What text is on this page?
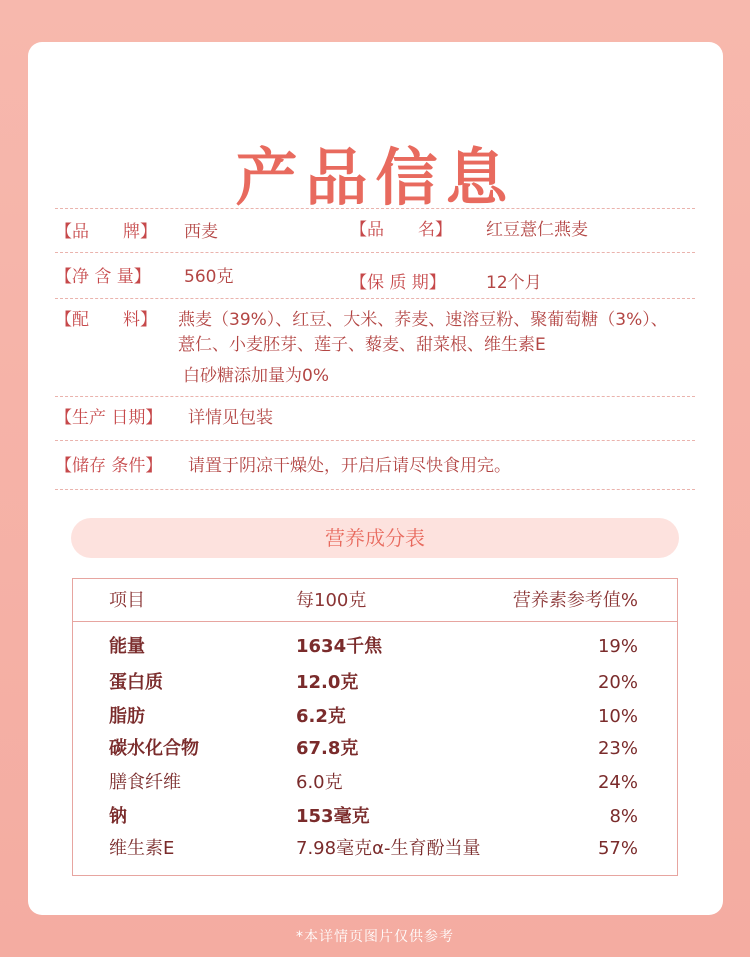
产品信息
【品　　牌】 西麦	【品　　名】 红豆薏仁燕麦
【净 含 量】 560克	【保 质 期】 12个月
【配　　料】 燕麦（39%）、红豆、大米、荞麦、速溶豆粉、聚葡萄糖（3%）、薏仁、小麦胚芽、莲子、藜麦、甜菜根、维生素E
白砂糖添加量为0%
【生产 日期】 详情见包装
【储存 条件】 请置于阴凉干燥处，开启后请尽快食用完。
营养成分表
项目	每100克	营养素参考值%
能量	1634千焦	19%
蛋白质	12.0克	20%
脂肪	6.2克	10%
碳水化合物	67.8克	23%
膳食纤维	6.0克	24%
钠	153毫克	8%
维生素E	7.98毫克α-生育酚当量	57%
*本详情页图片仅供参考
